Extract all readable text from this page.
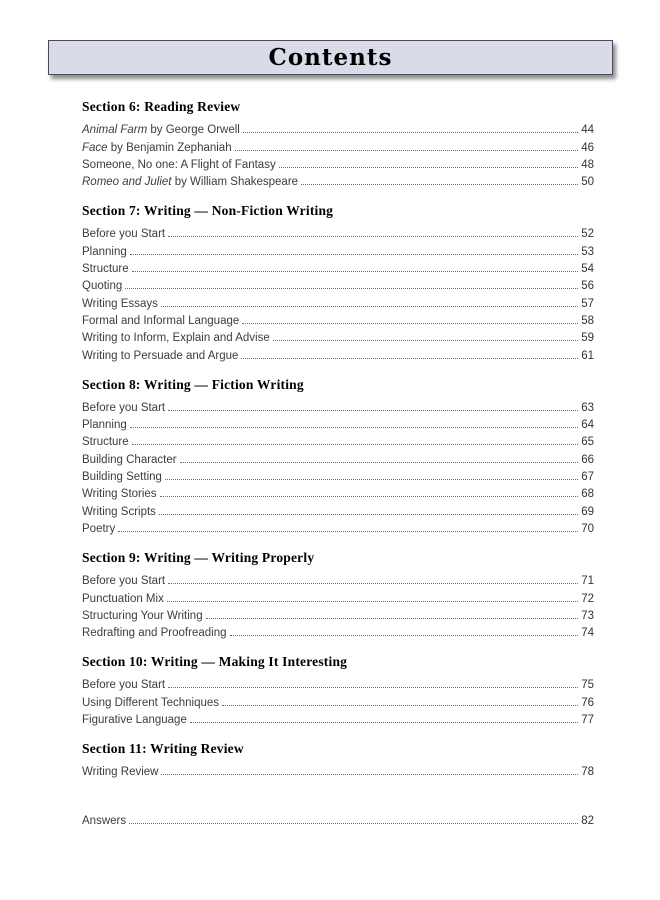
Contents
Section 6: Reading Review
Animal Farm by George Orwell	44
Face by Benjamin Zephaniah	46
Someone, No one: A Flight of Fantasy	48
Romeo and Juliet by William Shakespeare	50
Section 7: Writing — Non-Fiction Writing
Before you Start	52
Planning	53
Structure	54
Quoting	56
Writing Essays	57
Formal and Informal Language	58
Writing to Inform, Explain and Advise	59
Writing to Persuade and Argue	61
Section 8: Writing — Fiction Writing
Before you Start	63
Planning	64
Structure	65
Building Character	66
Building Setting	67
Writing Stories	68
Writing Scripts	69
Poetry	70
Section 9: Writing — Writing Properly
Before you Start	71
Punctuation Mix	72
Structuring Your Writing	73
Redrafting and Proofreading	74
Section 10: Writing — Making It Interesting
Before you Start	75
Using Different Techniques	76
Figurative Language	77
Section 11: Writing Review
Writing Review	78
Answers	82
